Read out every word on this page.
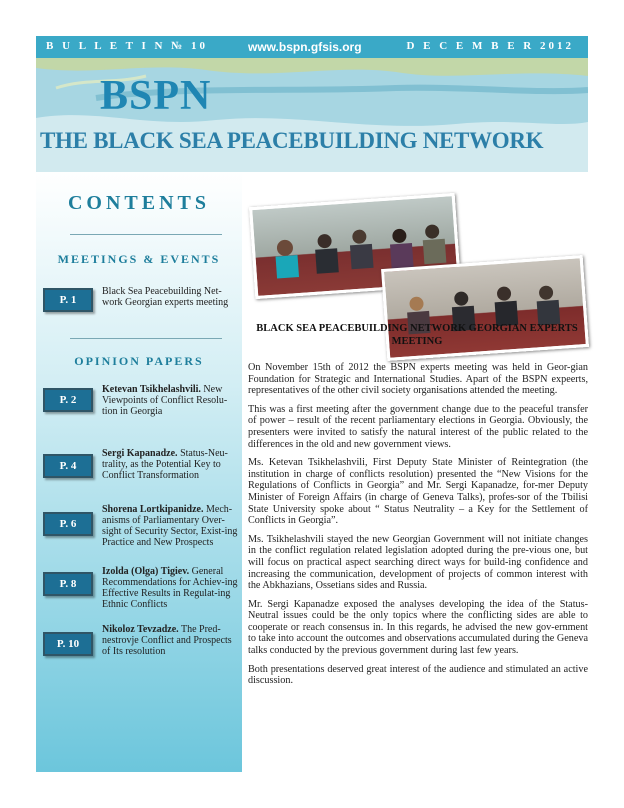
B U L L E T I N № 10	www.bspn.gfsis.org	D E C E M B E R 2012
BSPN
THE BLACK SEA PEACEBUILDING NETWORK
CONTENTS
MEETINGS & EVENTS
P. 1
Black Sea Peacebuilding Net-work Georgian experts meeting
OPINION PAPERS
P. 2
Ketevan Tsikhelashvili. New Viewpoints of Conflict Resolu-tion in Georgia
P. 4
Sergi Kapanadze. Status-Neu-trality, as the Potential Key to Conflict Transformation
P. 6
Shorena Lortkipanidze. Mech-anisms of Parliamentary Over-sight of Security Sector, Exist-ing Practice and New Prospects
P. 8
Izolda (Olga) Tigiev. General Recommendations for Achiev-ing Effective Results in Regulat-ing Ethnic Conflicts
P. 10
Nikoloz Tevzadze. The Pred-nestrovje Conflict and Prospects of Its resolution
BLACK SEA PEACEBUILDING NETWORK GEORGIAN EXPERTS MEETING

On November 15th of 2012 the BSPN experts meeting was held in Geor-gian Foundation for Strategic and International Studies. Apart of the BSPN expeerts, representatives of the other civil society organisations attended the meeting.

This was a first meeting after the government change due to the peaceful transfer of power – result of the recent parliamentary elections in Georgia. Obviously, the presenters were invited to satisfy the natural interest of the public related to the differences in the old and new government views.

Ms. Ketevan Tsikhelashvili, First Deputy State Minister of Reintegration (the institution in charge of conflicts resolution) presented the “New Visions for the Regulations of Conflicts in Georgia” and Mr. Sergi Kapanadze, for-mer Deputy Minister of Foreign Affairs (in charge of Geneva Talks), profes-sor of the Tbilisi State University spoke about “ Status Neutrality – a Key for the Settlement of Conflicts in Georgia”.

Ms. Tsikhelashvili stayed the new Georgian Government will not initiate changes in the conflict regulation related legislation adopted during the pre-vious one, but will focus on practical aspect searching direct ways for build-ing confidence and increasing the communication, development of projects of common interest with the Abkhazians, Ossetians sides and Russia.

Mr. Sergi Kapanadze exposed the analyses developing the idea of the Status-Neutral issues could be the only topics where the conflicting sides are able to cooperate or reach consensus in. In this regards, he advised the new gov-ernment to take into account the outcomes and observations accumulated during the Geneva talks conducted by the previous government during last few years.

Both presentations deserved great interest of the audience and stimulated an active discussion.
